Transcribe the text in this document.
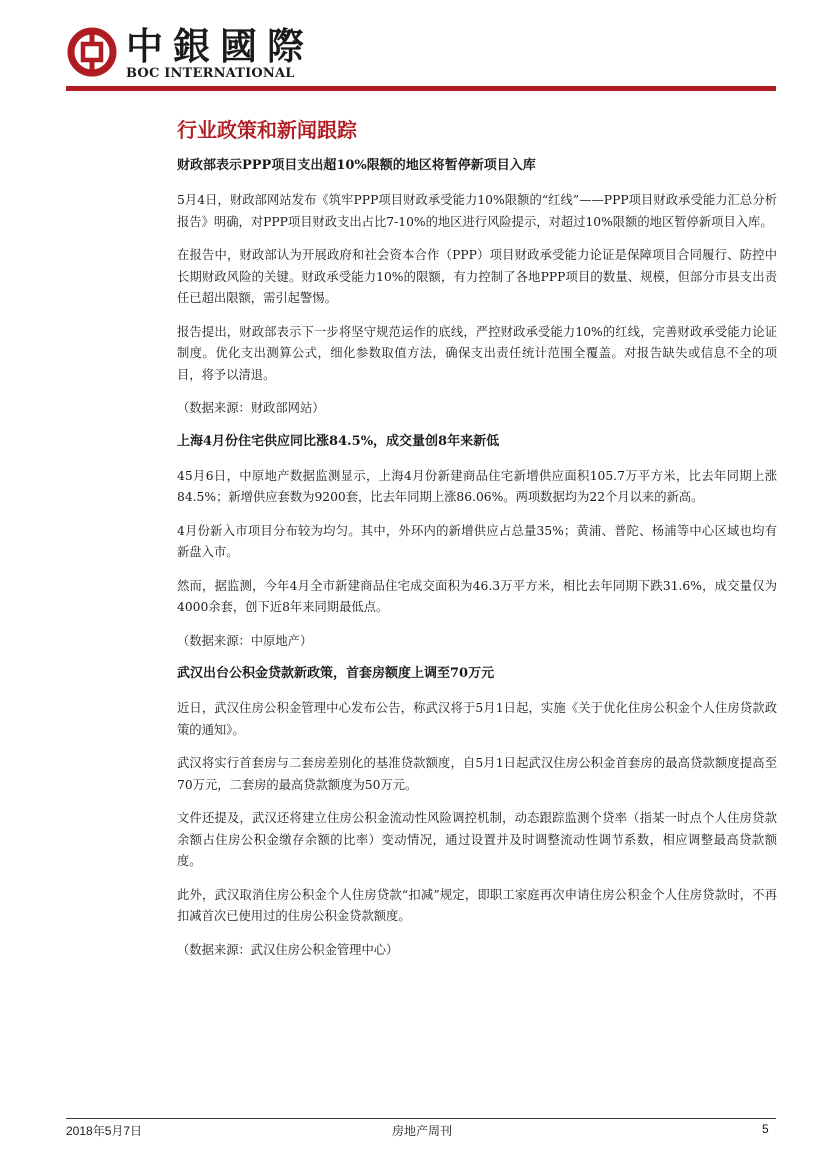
中銀國際
BOC INTERNATIONAL
行业政策和新闻跟踪

财政部表示PPP项目支出超10%限额的地区将暂停新项目入库

5月4日，财政部网站发布《筑牢PPP项目财政承受能力10%限额的“红线”——PPP项目财政承受能力汇总分析报告》明确，对PPP项目财政支出占比7-10%的地区进行风险提示，对超过10%限额的地区暂停新项目入库。

在报告中，财政部认为开展政府和社会资本合作（PPP）项目财政承受能力论证是保障项目合同履行、防控中长期财政风险的关键。财政承受能力10%的限额，有力控制了各地PPP项目的数量、规模，但部分市县支出责任已超出限额，需引起警惕。

报告提出，财政部表示下一步将坚守规范运作的底线，严控财政承受能力10%的红线，完善财政承受能力论证制度。优化支出测算公式，细化参数取值方法，确保支出责任统计范围全覆盖。对报告缺失或信息不全的项目，将予以清退。

（数据来源：财政部网站）

上海4月份住宅供应同比涨84.5%，成交量创8年来新低

45月6日，中原地产数据监测显示，上海4月份新建商品住宅新增供应面积105.7万平方米，比去年同期上涨84.5%；新增供应套数为9200套，比去年同期上涨86.06%。两项数据均为22个月以来的新高。

4月份新入市项目分布较为均匀。其中，外环内的新增供应占总量35%；黄浦、普陀、杨浦等中心区域也均有新盘入市。

然而，据监测，今年4月全市新建商品住宅成交面积为46.3万平方米，相比去年同期下跌31.6%，成交量仅为4000余套，创下近8年来同期最低点。

（数据来源：中原地产）

武汉出台公积金贷款新政策，首套房额度上调至70万元

近日，武汉住房公积金管理中心发布公告，称武汉将于5月1日起，实施《关于优化住房公积金个人住房贷款政策的通知》。

武汉将实行首套房与二套房差别化的基准贷款额度，自5月1日起武汉住房公积金首套房的最高贷款额度提高至70万元，二套房的最高贷款额度为50万元。

文件还提及，武汉还将建立住房公积金流动性风险调控机制，动态跟踪监测个贷率（指某一时点个人住房贷款余额占住房公积金缴存余额的比率）变动情况，通过设置并及时调整流动性调节系数，相应调整最高贷款额度。

此外，武汉取消住房公积金个人住房贷款“扣减”规定，即职工家庭再次申请住房公积金个人住房贷款时，不再扣减首次已使用过的住房公积金贷款额度。

（数据来源：武汉住房公积金管理中心）

2018年5月7日	房地产周刊	5
